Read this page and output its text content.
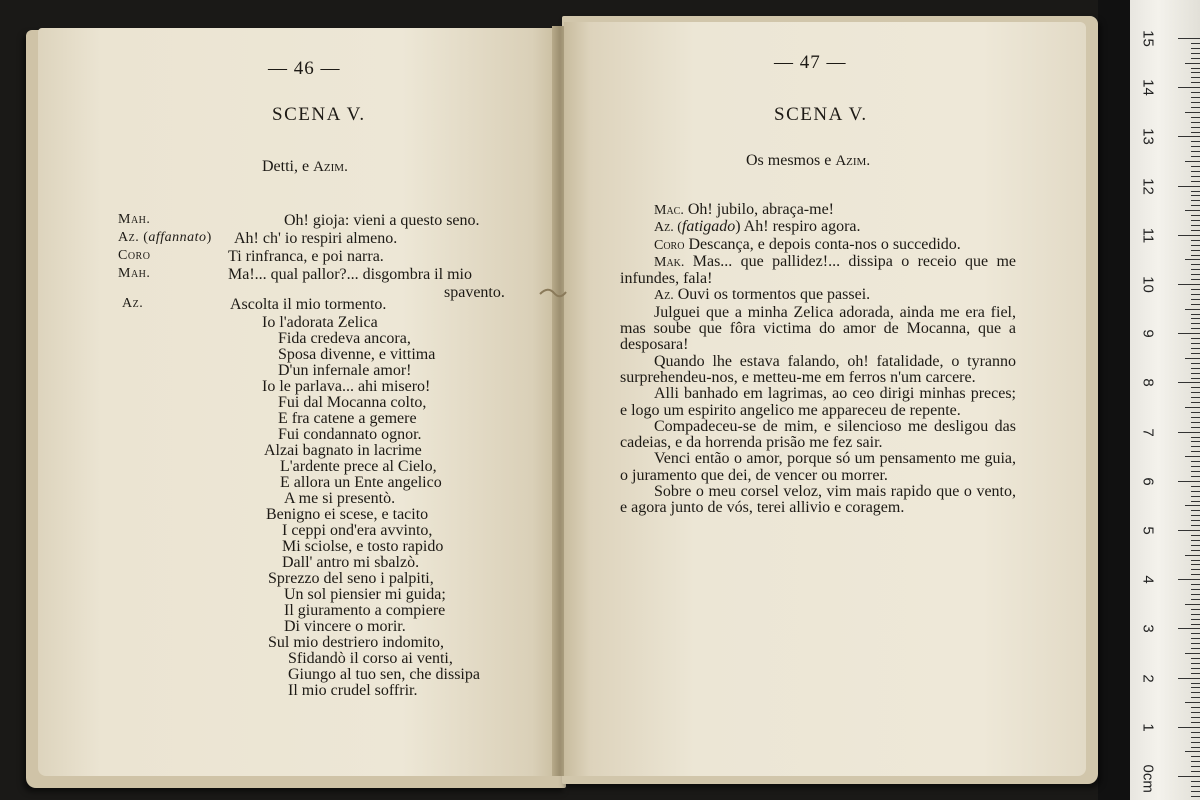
— 46 —
SCENA V.
Detti, e Azim.
Mah.
Az. (affannato)
Coro
Mah.
Az.
Oh! gioja: vieni a questo seno.
Ah! ch' io respiri almeno.
Ti rinfranca, e poi narra.
Ma!... qual pallor?... disgombra il mio
spavento.
Ascolta il mio tormento.
Io l'adorata Zelica
Fida credeva ancora,
Sposa divenne, e vittima
D'un infernale amor!
Io le parlava... ahi misero!
Fui dal Mocanna colto,
E fra catene a gemere
Fui condannato ognor.
Alzai bagnato in lacrime
L'ardente prece al Cielo,
E allora un Ente angelico
A me si presentò.
Benigno ei scese, e tacito
I ceppi ond'era avvinto,
Mi sciolse, e tosto rapido
Dall' antro mi sbalzò.
Sprezzo del seno i palpiti,
Un sol piensier mi guida;
Il giuramento a compiere
Di vincere o morir.
Sul mio destriero indomito,
Sfidandò il corso ai venti,
Giungo al tuo sen, che dissipa
Il mio crudel soffrir.
— 47 —
SCENA V.
Os mesmos e Azim.

Mac. Oh! jubilo, abraça-me!

Az. (fatigado) Ah! respiro agora.

Coro Descança, e depois conta-nos o succedido.

Mak. Mas... que pallidez!... dissipa o receio que me infundes, fala!

Az. Ouvi os tormentos que passei.

Julguei que a minha Zelica adorada, ainda me era fiel, mas soube que fôra victima do amor de Mocanna, que a desposara!

Quando lhe estava falando, oh! fatalidade, o tyranno surprehendeu-nos, e metteu-me em ferros n'um carcere.

Alli banhado em lagrimas, ao ceo dirigi minhas preces; e logo um espirito angelico me appareceu de repente.

Compadeceu-se de mim, e silencioso me desligou das cadeias, e da horrenda prisão me fez sair.

Venci então o amor, porque só um pensamento me guia, o juramento que dei, de vencer ou morrer.

Sobre o meu corsel veloz, vim mais rapido que o vento, e agora junto de vós, terei allivio e coragem.

15
14
13
12
11
10
9
8
7
6
5
4
3
2
1
0cm
